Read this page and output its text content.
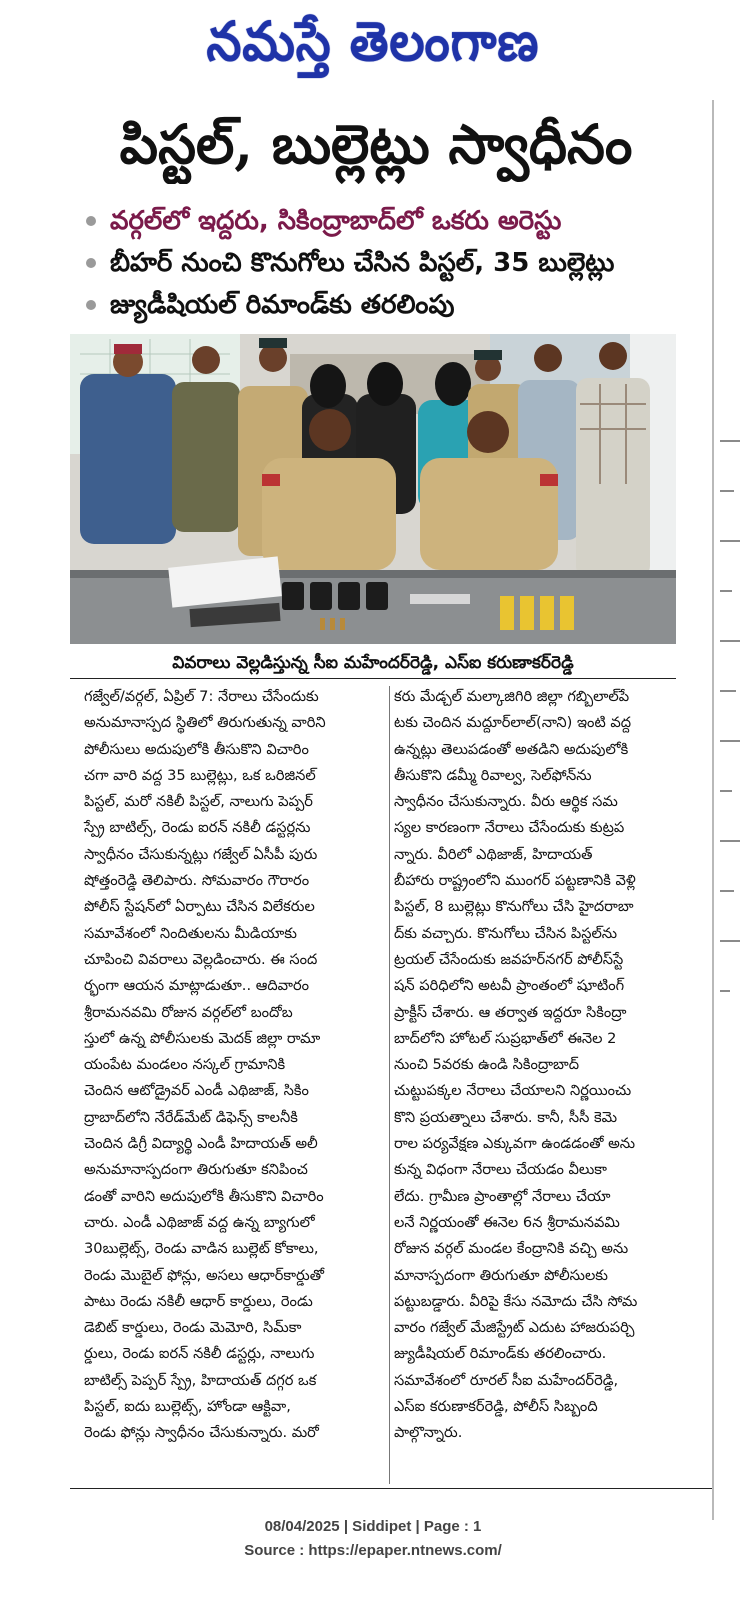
నమస్తే తెలంగాణ
పిస్టల్, బుల్లెట్లు స్వాధీనం
వర్గల్‌లో ఇద్దరు, సికింద్రాబాద్‌లో ఒకరు అరెస్టు
బీహర్ నుంచి కొనుగోలు చేసిన పిస్టల్, 35 బుల్లెట్లు
జ్యుడీషియల్ రిమాండ్‌కు తరలింపు
వివరాలు వెల్లడిస్తున్న సీఐ మహేందర్‌రెడ్డి, ఎస్‌ఐ కరుణాకర్‌రెడ్డి
గజ్వేల్/వర్గల్, ఏప్రిల్ 7: నేరాలు చేసేందుకు
అనుమానాస్పద స్థితిలో తిరుగుతున్న వారిని
పోలీసులు అదుపులోకి తీసుకొని విచారిం
చగా వారి వద్ద 35 బుల్లెట్లు, ఒక ఒరిజినల్
పిస్టల్, మరో నకిలీ పిస్టల్, నాలుగు పెప్పర్
స్ప్రే బాటిల్స్, రెండు ఐరన్ నకిలీ డస్టర్లను
స్వాధీనం చేసుకున్నట్లు గజ్వేల్ ఏసీపీ పురు
షోత్తంరెడ్డి తెలిపారు. సోమవారం గౌరారం
పోలీస్ స్టేషన్‌లో ఏర్పాటు చేసిన విలేకరుల
సమావేశంలో నిందితులను మీడియాకు
చూపించి వివరాలు వెల్లడించారు. ఈ సంద
ర్భంగా ఆయన మాట్లాడుతూ.. ఆదివారం
శ్రీరామనవమి రోజున వర్గల్‌లో బందోబ
స్తులో ఉన్న పోలీసులకు మెదక్ జిల్లా రామా
యంపేట మండలం నస్కల్ గ్రామానికి
చెందిన ఆటోడ్రైవర్ ఎండీ ఎథిజాజ్, సికిం
ద్రాబాద్‌లోని నేరేడ్‌మేట్ డిఫెన్స్ కాలనీకి
చెందిన డిగ్రీ విద్యార్థి ఎండీ హిదాయత్ అలీ
అనుమానాస్పదంగా తిరుగుతూ కనిపించ
డంతో వారిని అదుపులోకి తీసుకొని విచారిం
చారు. ఎండీ ఎథిజాజ్ వద్ద ఉన్న బ్యాగులో
30బుల్లెట్స్, రెండు వాడిన బుల్లెట్ కోకాలు,
రెండు మొబైల్ ఫోన్లు, అసలు ఆధార్‌కార్డుతో
పాటు రెండు నకిలీ ఆధార్ కార్డులు, రెండు
డెబిట్ కార్డులు, రెండు మెమోరి, సిమ్‌కా
ర్డులు, రెండు ఐరన్ నకిలీ డస్టర్లు, నాలుగు
బాటిల్స్ పెప్పర్ స్ప్రే, హిదాయత్ దగ్గర ఒక
పిస్టల్, ఐదు బుల్లెట్స్, హోండా ఆక్టివా,
రెండు ఫోన్లు స్వాధీనం చేసుకున్నారు. మరో
కరు మేడ్చల్ మల్కాజిగిరి జిల్లా గబ్బిలాల్‌పే
టకు చెందిన మద్దూర్‌లాల్(నాని) ఇంటి వద్ద
ఉన్నట్లు తెలుపడంతో అతడిని అదుపులోకి
తీసుకొని డమ్మీ రివాల్వ, సెల్‌ఫోన్‌ను
స్వాధీనం చేసుకున్నారు. వీరు ఆర్థిక సమ
స్యల కారణంగా నేరాలు చేసేందుకు కుట్రప
న్నారు. వీరిలో ఎథిజాజ్, హిదాయత్
బీహారు రాష్ట్రంలోని ముంగర్ పట్టణానికి వెళ్లి
పిస్టల్, 8 బుల్లెట్లు కొనుగోలు చేసి హైదరాబా
ద్‌కు వచ్చారు. కొనుగోలు చేసిన పిస్టల్‌ను
ట్రయల్ చేసేందుకు జవహర్‌నగర్ పోలీస్‌స్టే
షన్ పరిధిలోని అటవీ ప్రాంతంలో షూటింగ్
ప్రాక్టీస్ చేశారు. ఆ తర్వాత ఇద్దరూ సికింద్రా
బాద్‌లోని హోటల్ సుప్రభాత్‌లో ఈనెల 2
నుంచి 5వరకు ఉండి సికింద్రాబాద్
చుట్టుపక్కల నేరాలు చేయాలని నిర్ణయించు
కొని ప్రయత్నాలు చేశారు. కానీ, సీసీ కెమె
రాల పర్యవేక్షణ ఎక్కువగా ఉండడంతో అను
కున్న విధంగా నేరాలు చేయడం వీలుకా
లేదు. గ్రామీణ ప్రాంతాల్లో నేరాలు చేయా
లనే నిర్ణయంతో ఈనెల 6న శ్రీరామనవమి
రోజున వర్గల్ మండల కేంద్రానికి వచ్చి అను
మానాస్పదంగా తిరుగుతూ పోలీసులకు
పట్టుబడ్డారు. వీరిపై కేసు నమోదు చేసి సోమ
వారం గజ్వేల్ మేజిస్ట్రేట్ ఎదుట హాజరుపర్చి
జ్యుడీషియల్ రిమాండ్‌కు తరలించారు.
సమావేశంలో రూరల్ సీఐ మహేందర్‌రెడ్డి,
ఎస్‌ఐ కరుణాకర్‌రెడ్డి, పోలీస్ సిబ్బంది
పాల్గొన్నారు.
08/04/2025 | Siddipet | Page : 1
Source : https://epaper.ntnews.com/
